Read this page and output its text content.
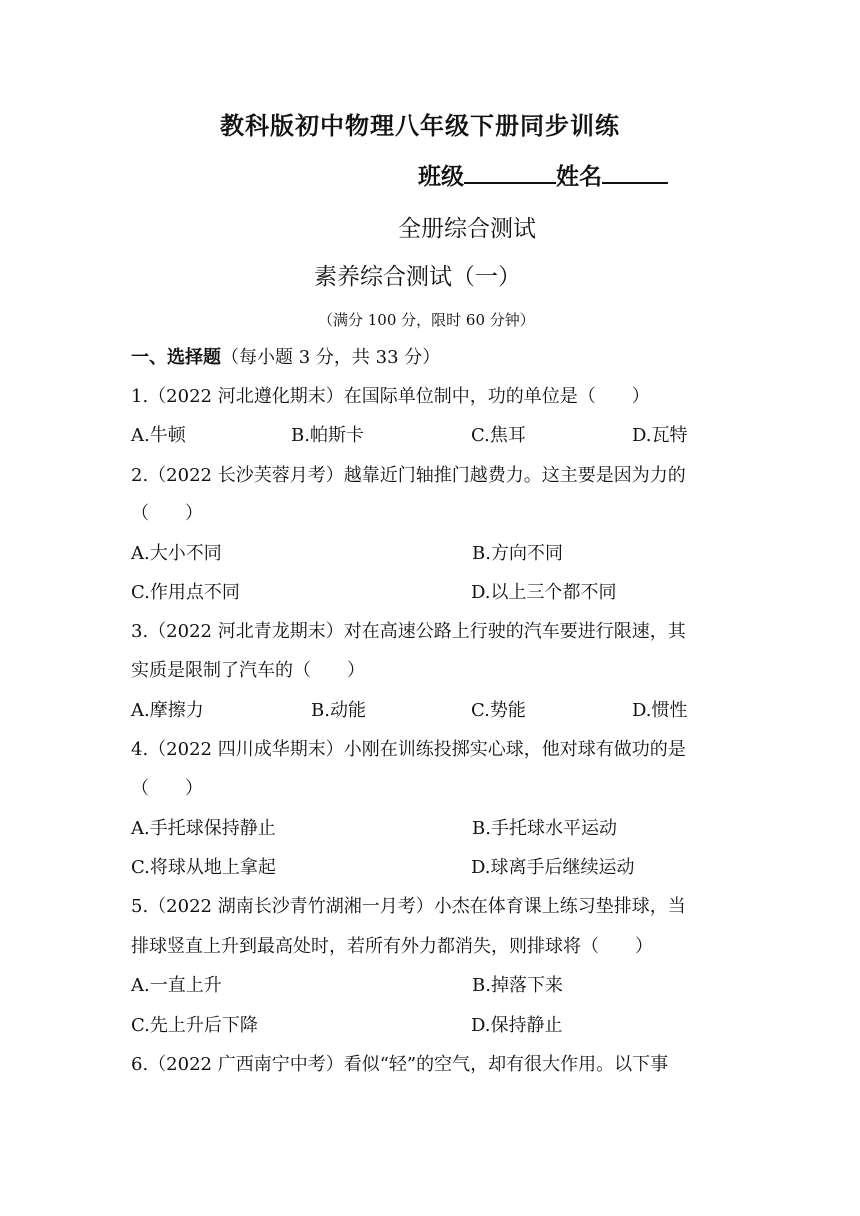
教科版初中物理八年级下册同步训练
班级	姓名
全册综合测试
素养综合测试（一）
（满分 100 分，限时 60 分钟）
一、选择题（每小题 3 分，共 33 分）
1.（2022 河北遵化期末）在国际单位制中，功的单位是（　　）
A.牛顿	B.帕斯卡	C.焦耳	D.瓦特
2.（2022 长沙芙蓉月考）越靠近门轴推门越费力。这主要是因为力的
（　　）
A.大小不同	B.方向不同
C.作用点不同	D.以上三个都不同
3.（2022 河北青龙期末）对在高速公路上行驶的汽车要进行限速，其
实质是限制了汽车的（　　）
A.摩擦力	B.动能	C.势能	D.惯性
4.（2022 四川成华期末）小刚在训练投掷实心球，他对球有做功的是
（　　）
A.手托球保持静止	B.手托球水平运动
C.将球从地上拿起	D.球离手后继续运动
5.（2022 湖南长沙青竹湖湘一月考）小杰在体育课上练习垫排球，当
排球竖直上升到最高处时，若所有外力都消失，则排球将（　　）
A.一直上升	B.掉落下来
C.先上升后下降	D.保持静止
6.（2022 广西南宁中考）看似“轻”的空气，却有很大作用。以下事
